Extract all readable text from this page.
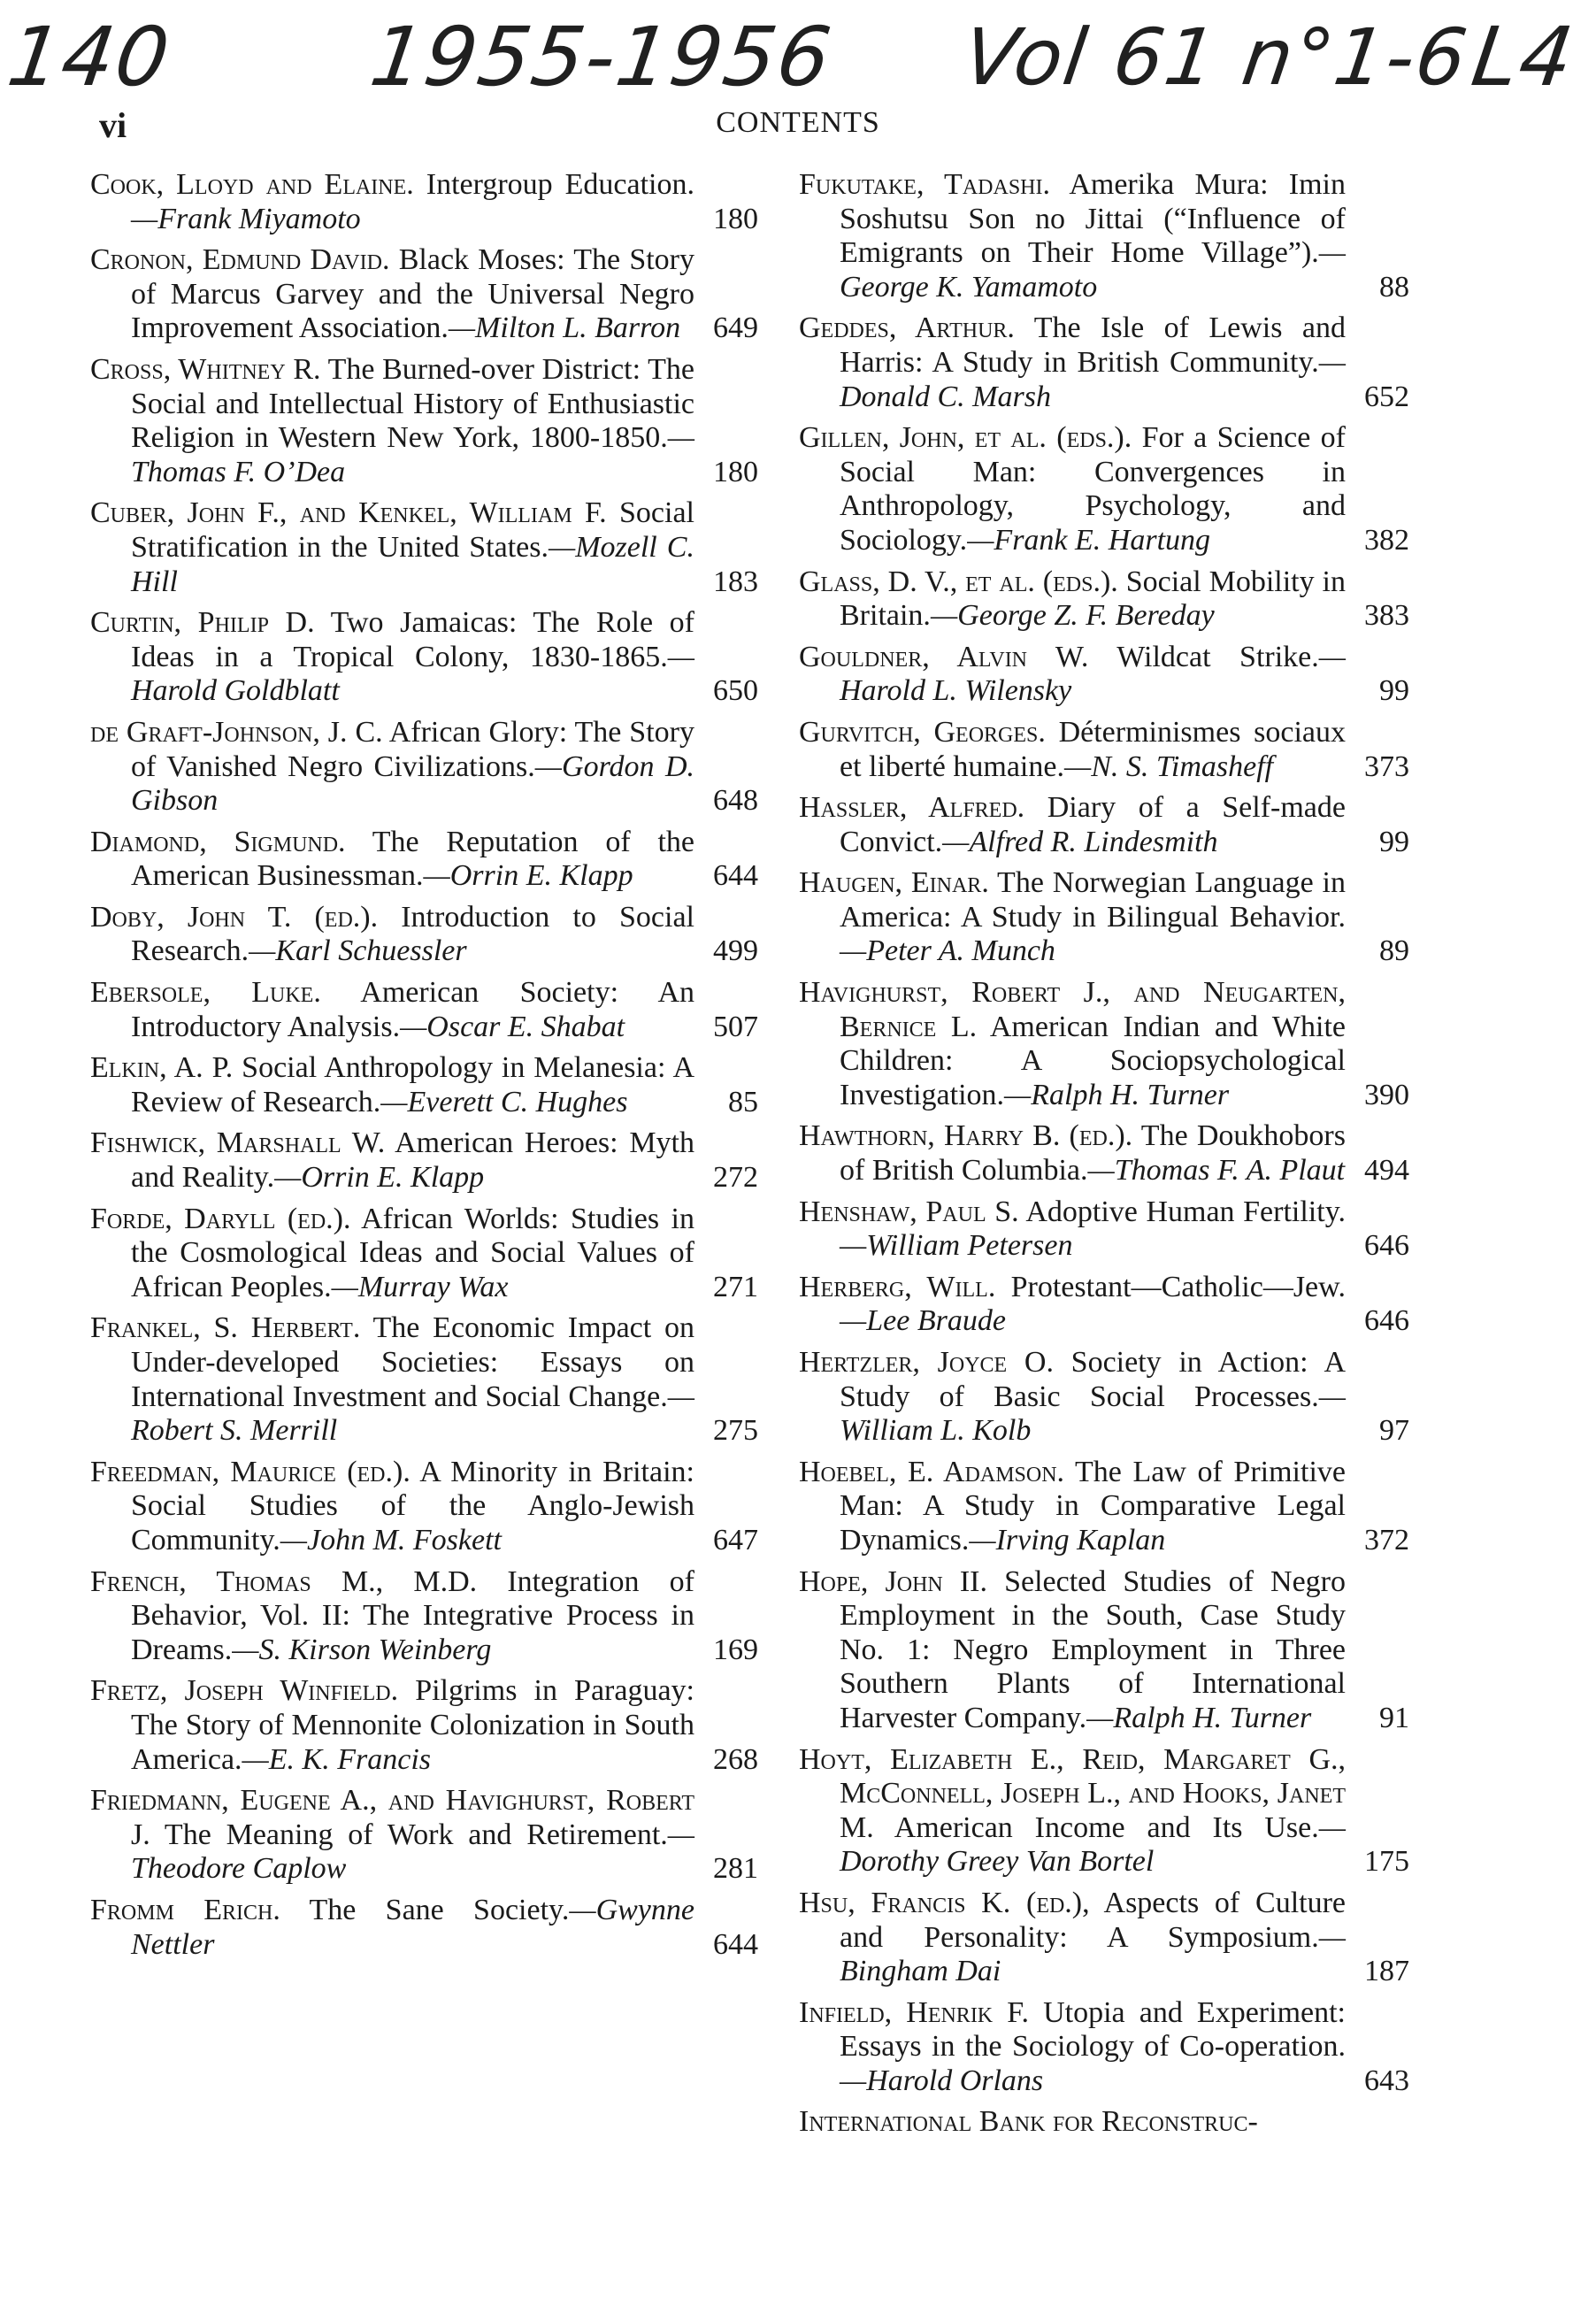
140 1955-1956 Vol 61 n°1-6
L4
vi	CONTENTS
Cook, Lloyd and Elaine. Intergroup Education.—Frank Miyamoto	180
Cronon, Edmund David. Black Moses: The Story of Marcus Garvey and the Universal Negro Improvement Association.—Milton L. Barron 649
Cross, Whitney R. The Burned-over District: The Social and Intellectual History of Enthusiastic Religion in Western New York, 1800-1850.—Thomas F. O’Dea	180
Cuber, John F., and Kenkel, William F. Social Stratification in the United States.—Mozell C. Hill	183
Curtin, Philip D. Two Jamaicas: The Role of Ideas in a Tropical Colony, 1830-1865.—Harold Goldblatt	650
de Graft-Johnson, J. C. African Glory: The Story of Vanished Negro Civilizations.—Gordon D. Gibson	648
Diamond, Sigmund. The Reputation of the American Businessman.—Orrin E. Klapp	644
Doby, John T. (ed.). Introduction to Social Research.—Karl Schuessler	499
Ebersole, Luke. American Society: An Introductory Analysis.—Oscar E. Shabat	507
Elkin, A. P. Social Anthropology in Melanesia: A Review of Research.—Everett C. Hughes	85
Fishwick, Marshall W. American Heroes: Myth and Reality.—Orrin E. Klapp	272
Forde, Daryll (ed.). African Worlds: Studies in the Cosmological Ideas and Social Values of African Peoples.—Murray Wax	271
Frankel, S. Herbert. The Economic Impact on Under-developed Societies: Essays on International Investment and Social Change.—Robert S. Merrill	275
Freedman, Maurice (ed.). A Minority in Britain: Social Studies of the Anglo-Jewish Community.—John M. Foskett	647
French, Thomas M., M.D. Integration of Behavior, Vol. II: The Integrative Process in Dreams.—S. Kirson Weinberg	169
Fretz, Joseph Winfield. Pilgrims in Paraguay: The Story of Mennonite Colonization in South America.—E. K. Francis	268
Friedmann, Eugene A., and Havighurst, Robert J. The Meaning of Work and Retirement.—Theodore Caplow	281
Fromm Erich. The Sane Society.—Gwynne Nettler	644
Fukutake, Tadashi. Amerika Mura: Imin Soshutsu Son no Jittai (“Influence of Emigrants on Their Home Village”).—George K. Yamamoto	88
Geddes, Arthur. The Isle of Lewis and Harris: A Study in British Community.—Donald C. Marsh	652
Gillen, John, et al. (eds.). For a Science of Social Man: Convergences in Anthropology, Psychology, and Sociology.—Frank E. Hartung	382
Glass, D. V., et al. (eds.). Social Mobility in Britain.—George Z. F. Bereday	383
Gouldner, Alvin W. Wildcat Strike.—Harold L. Wilensky	99
Gurvitch, Georges. Déterminismes sociaux et liberté humaine.—N. S. Timasheff	373
Hassler, Alfred. Diary of a Self-made Convict.—Alfred R. Lindesmith	99
Haugen, Einar. The Norwegian Language in America: A Study in Bilingual Behavior.—Peter A. Munch	89
Havighurst, Robert J., and Neugarten, Bernice L. American Indian and White Children: A Sociopsychological Investigation.—Ralph H. Turner	390
Hawthorn, Harry B. (ed.). The Doukhobors of British Columbia.—Thomas F. A. Plaut 494
Henshaw, Paul S. Adoptive Human Fertility.—William Petersen	646
Herberg, Will. Protestant—Catholic—Jew.—Lee Braude	646
Hertzler, Joyce O. Society in Action: A Study of Basic Social Processes.—William L. Kolb	97
Hoebel, E. Adamson. The Law of Primitive Man: A Study in Comparative Legal Dynamics.—Irving Kaplan	372
Hope, John II. Selected Studies of Negro Employment in the South, Case Study No. 1: Negro Employment in Three Southern Plants of International Harvester Company.—Ralph H. Turner 91
Hoyt, Elizabeth E., Reid, Margaret G., McConnell, Joseph L., and Hooks, Janet M. American Income and Its Use.—Dorothy Greey Van Bortel	175
Hsu, Francis K. (ed.), Aspects of Culture and Personality: A Symposium.—Bingham Dai	187
Infield, Henrik F. Utopia and Experiment: Essays in the Sociology of Co-operation.—Harold Orlans	643
International Bank for Reconstruc-
